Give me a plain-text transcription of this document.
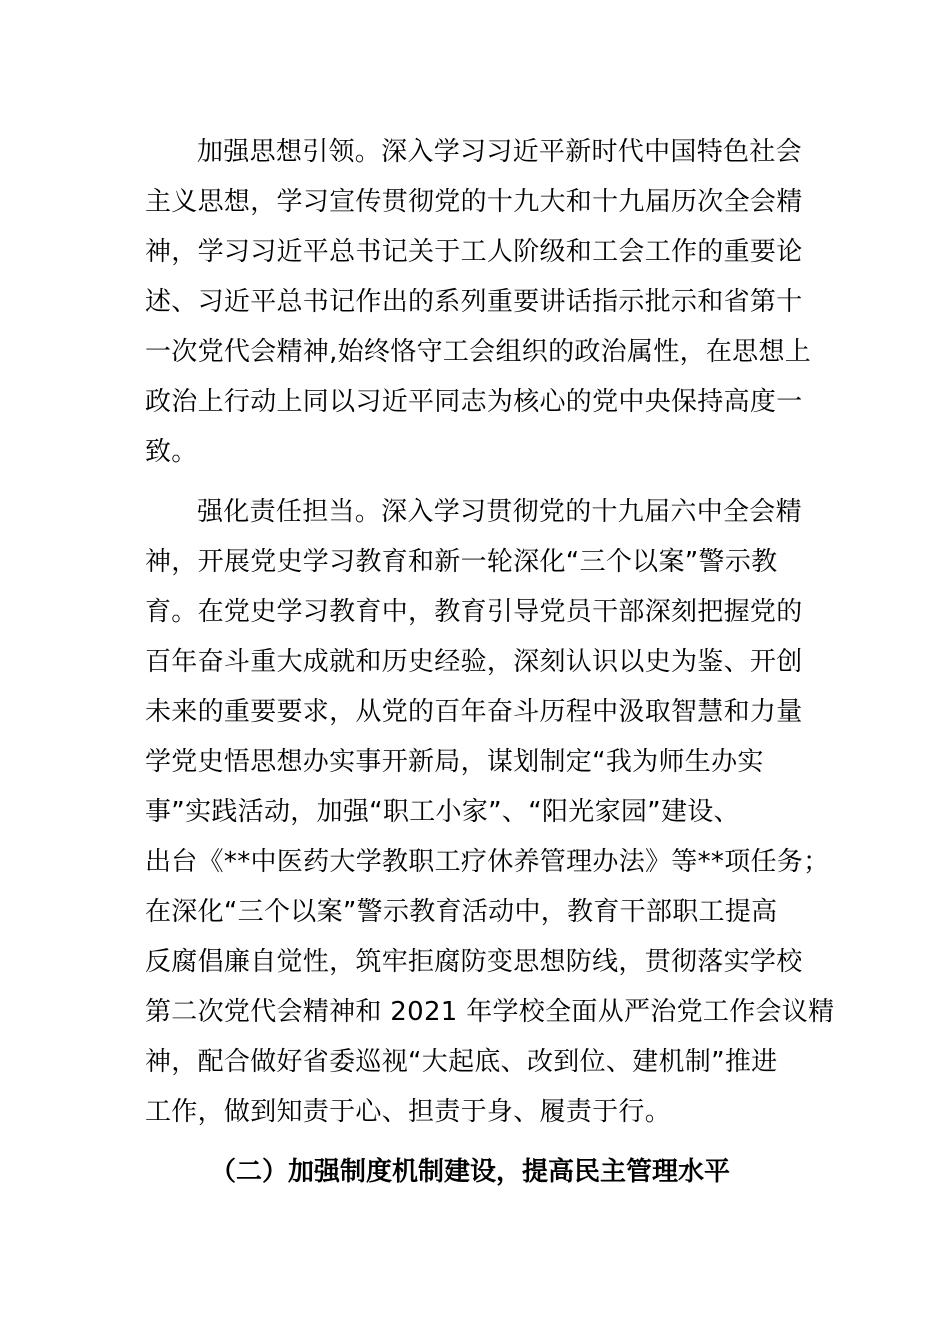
加强思想引领。深入学习习近平新时代中国特色社会
主义思想，学习宣传贯彻党的十九大和十九届历次全会精
神，学习习近平总书记关于工人阶级和工会工作的重要论
述、习近平总书记作出的系列重要讲话指示批示和省第十
一次党代会精神,始终恪守工会组织的政治属性，在思想上
政治上行动上同以习近平同志为核心的党中央保持高度一
致。
强化责任担当。深入学习贯彻党的十九届六中全会精
神，开展党史学习教育和新一轮深化“三个以案”警示教
育。在党史学习教育中，教育引导党员干部深刻把握党的
百年奋斗重大成就和历史经验，深刻认识以史为鉴、开创
未来的重要要求，从党的百年奋斗历程中汲取智慧和力量
学党史悟思想办实事开新局，谋划制定“我为师生办实
事”实践活动，加强“职工小家”、“阳光家园”建设、
出台《**中医药大学教职工疗休养管理办法》等**项任务；
在深化“三个以案”警示教育活动中，教育干部职工提高
反腐倡廉自觉性，筑牢拒腐防变思想防线，贯彻落实学校
第二次党代会精神和 2021 年学校全面从严治党工作会议精
神，配合做好省委巡视“大起底、改到位、建机制”推进
工作，做到知责于心、担责于身、履责于行。
（二）加强制度机制建设，提高民主管理水平
